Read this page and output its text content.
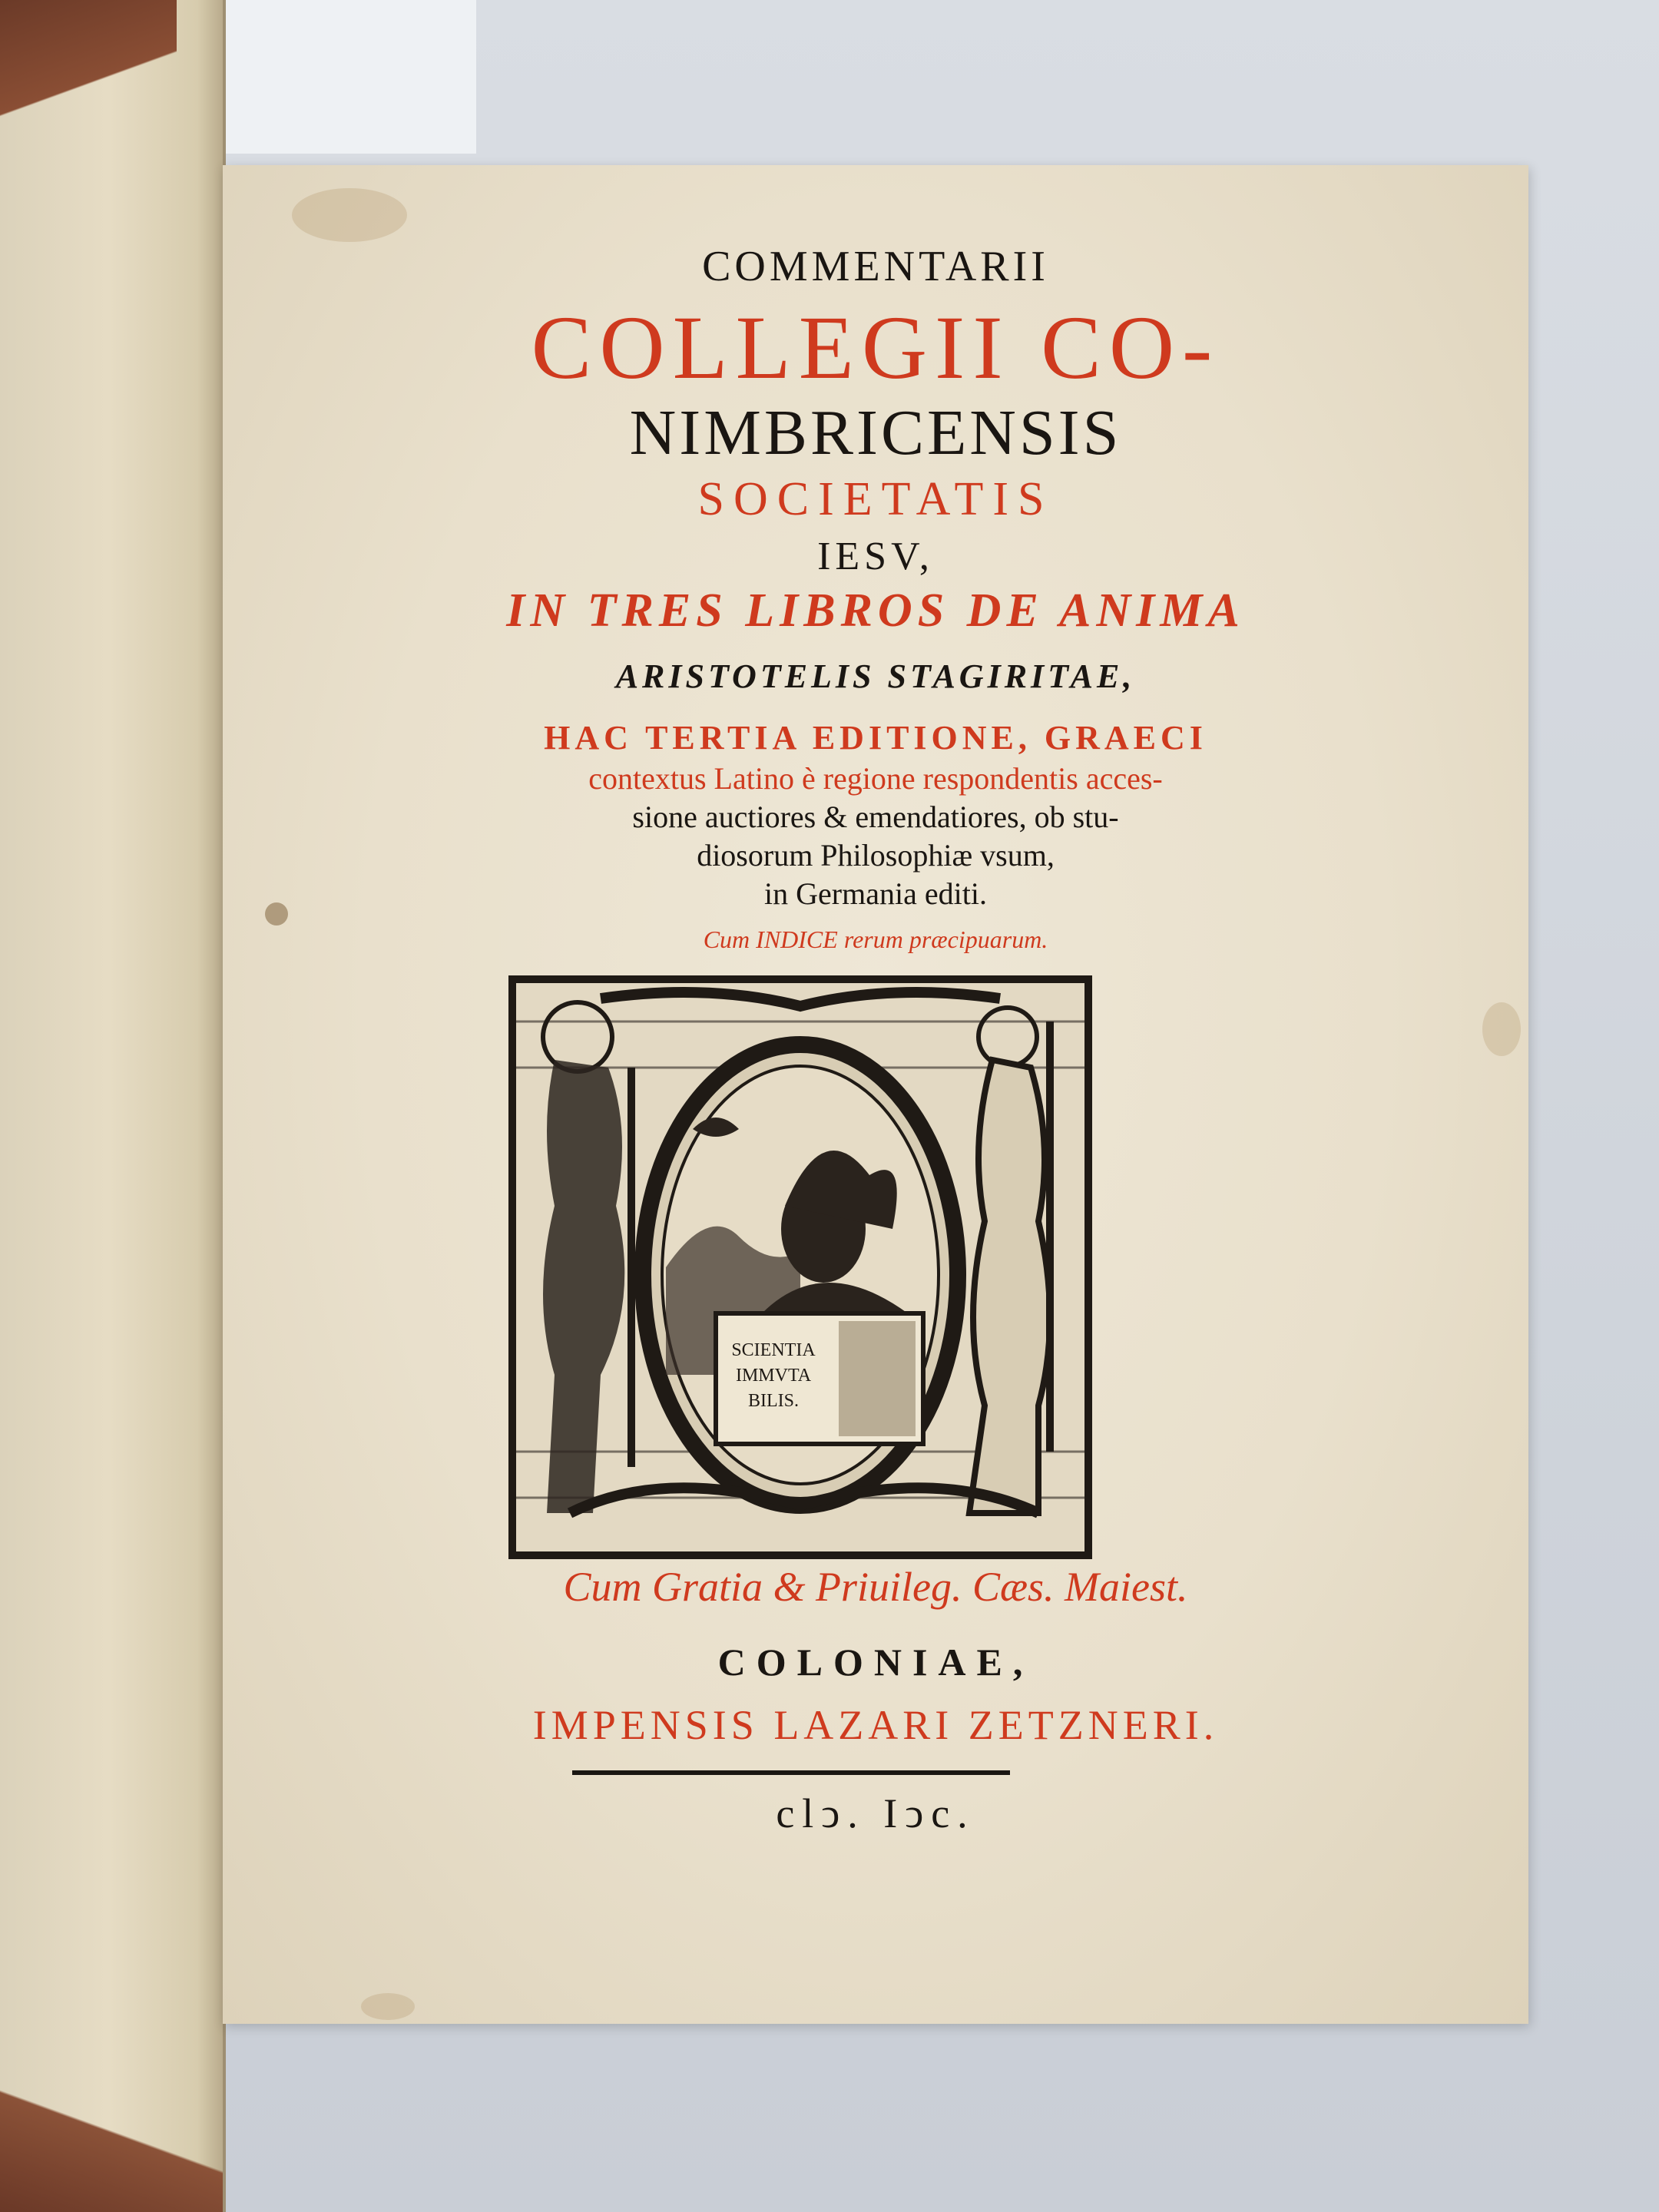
COMMENTARII
COLLEGII CO-
NIMBRICENSIS
SOCIETATIS
IESV,
IN TRES LIBROS DE ANIMA
ARISTOTELIS STAGIRITAE,
HAC TERTIA EDITIONE, GRAECI
contextus Latino è regione respondentis acces-
sione auctiores & emendatiores, ob stu-
diosorum Philosophiæ vsum,
in Germania editi.
Cum INDICE rerum præcipuarum.
SCIENTIA
IMMVTA
BILIS.
Cum Gratia & Priuileg. Cæs. Maiest.
COLONIAE,
IMPENSIS LAZARI ZETZNERI.
clↄ. Iↄc.
